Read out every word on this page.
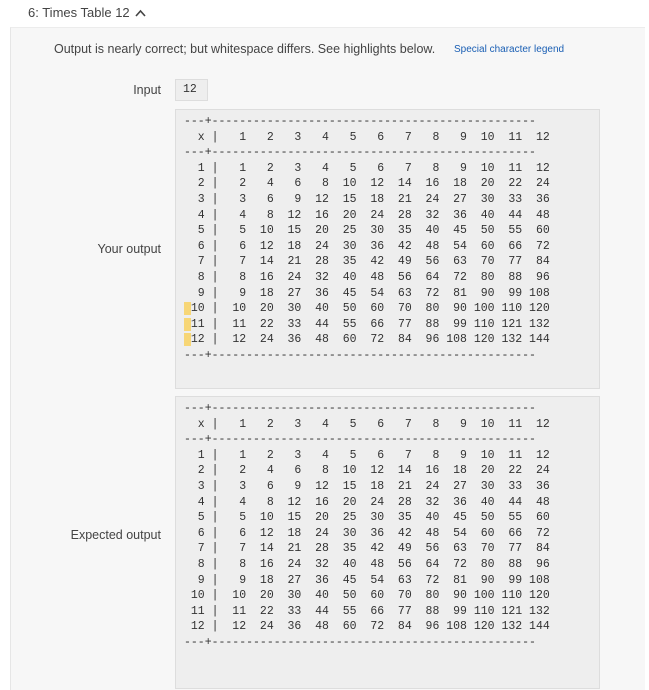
6: Times Table 12
Output is nearly correct; but whitespace differs. See highlights below. Special character legend
Input	12
Your output
---+-----------------------------------------------
x |   1   2   3   4   5   6   7   8   9  10  11  12
---+-----------------------------------------------
1 |   1   2   3   4   5   6   7   8   9  10  11  12
2 |   2   4   6   8  10  12  14  16  18  20  22  24
3 |   3   6   9  12  15  18  21  24  27  30  33  36
4 |   4   8  12  16  20  24  28  32  36  40  44  48
5 |   5  10  15  20  25  30  35  40  45  50  55  60
6 |   6  12  18  24  30  36  42  48  54  60  66  72
7 |   7  14  21  28  35  42  49  56  63  70  77  84
8 |   8  16  24  32  40  48  56  64  72  80  88  96
9 |   9  18  27  36  45  54  63  72  81  90  99 108
10 |  10  20  30  40  50  60  70  80  90 100 110 120
11 |  11  22  33  44  55  66  77  88  99 110 121 132
12 |  12  24  36  48  60  72  84  96 108 120 132 144
---+-----------------------------------------------
Expected output
---+-----------------------------------------------
x |   1   2   3   4   5   6   7   8   9  10  11  12
---+-----------------------------------------------
1 |   1   2   3   4   5   6   7   8   9  10  11  12
2 |   2   4   6   8  10  12  14  16  18  20  22  24
3 |   3   6   9  12  15  18  21  24  27  30  33  36
4 |   4   8  12  16  20  24  28  32  36  40  44  48
5 |   5  10  15  20  25  30  35  40  45  50  55  60
6 |   6  12  18  24  30  36  42  48  54  60  66  72
7 |   7  14  21  28  35  42  49  56  63  70  77  84
8 |   8  16  24  32  40  48  56  64  72  80  88  96
9 |   9  18  27  36  45  54  63  72  81  90  99 108
10 |  10  20  30  40  50  60  70  80  90 100 110 120
11 |  11  22  33  44  55  66  77  88  99 110 121 132
12 |  12  24  36  48  60  72  84  96 108 120 132 144
---+-----------------------------------------------
